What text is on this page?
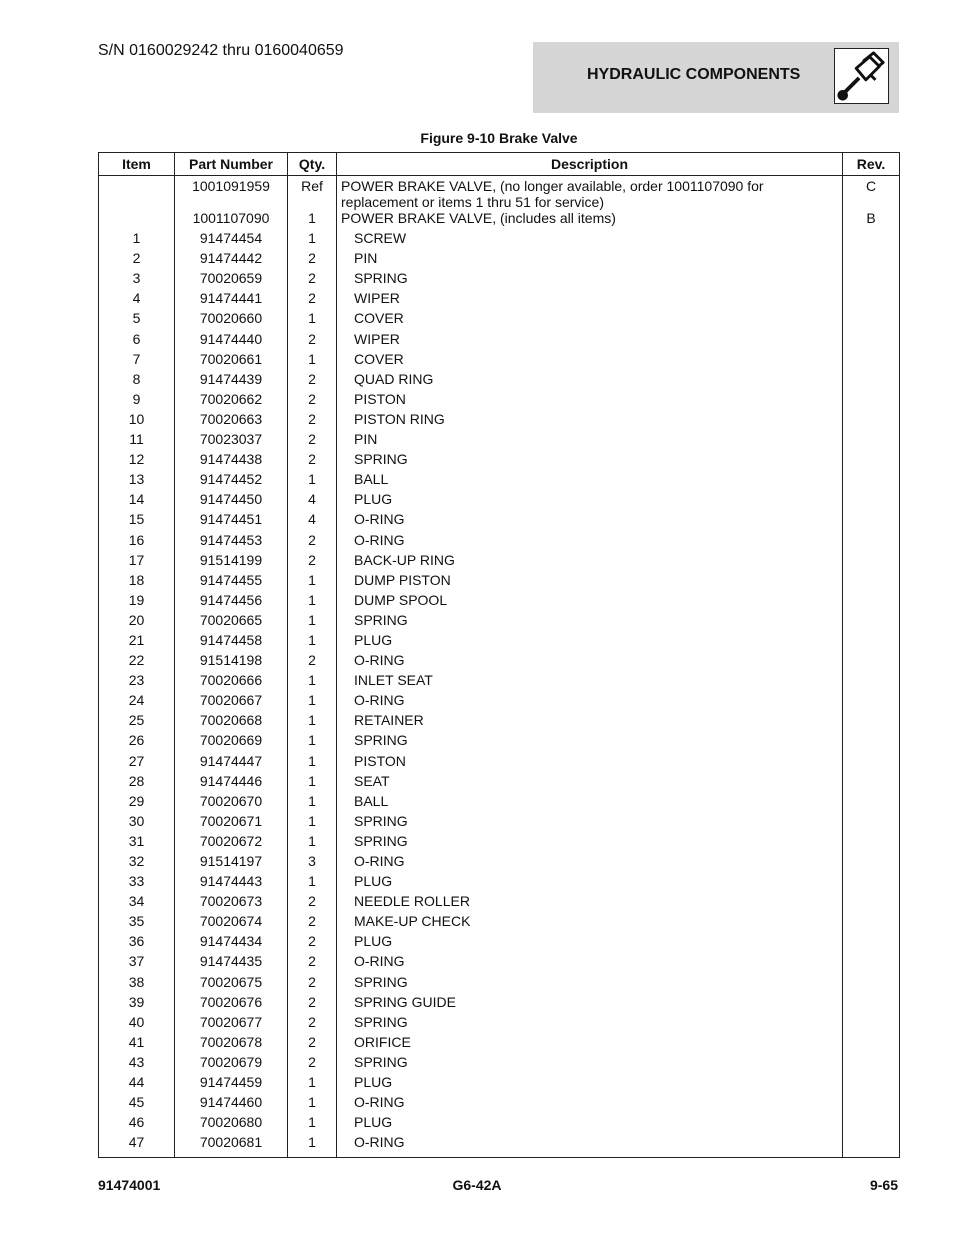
S/N 0160029242 thru 0160040659
HYDRAULIC COMPONENTS
Figure 9-10 Brake Valve
Item	Part Number	Qty.	Description	Rev.
	1001091959	Ref	POWER BRAKE VALVE, (no longer available, order 1001107090 for replacement or items 1 thru 51 for service)	C
	1001107090	1	POWER BRAKE VALVE, (includes all items)	B
1	91474454	1	SCREW	
2	91474442	2	PIN	
3	70020659	2	SPRING	
4	91474441	2	WIPER	
5	70020660	1	COVER	
6	91474440	2	WIPER	
7	70020661	1	COVER	
8	91474439	2	QUAD RING	
9	70020662	2	PISTON	
10	70020663	2	PISTON RING	
11	70023037	2	PIN	
12	91474438	2	SPRING	
13	91474452	1	BALL	
14	91474450	4	PLUG	
15	91474451	4	O-RING	
16	91474453	2	O-RING	
17	91514199	2	BACK-UP RING	
18	91474455	1	DUMP PISTON	
19	91474456	1	DUMP SPOOL	
20	70020665	1	SPRING	
21	91474458	1	PLUG	
22	91514198	2	O-RING	
23	70020666	1	INLET SEAT	
24	70020667	1	O-RING	
25	70020668	1	RETAINER	
26	70020669	1	SPRING	
27	91474447	1	PISTON	
28	91474446	1	SEAT	
29	70020670	1	BALL	
30	70020671	1	SPRING	
31	70020672	1	SPRING	
32	91514197	3	O-RING	
33	91474443	1	PLUG	
34	70020673	2	NEEDLE ROLLER	
35	70020674	2	MAKE-UP CHECK	
36	91474434	2	PLUG	
37	91474435	2	O-RING	
38	70020675	2	SPRING	
39	70020676	2	SPRING GUIDE	
40	70020677	2	SPRING	
41	70020678	2	ORIFICE	
43	70020679	2	SPRING	
44	91474459	1	PLUG	
45	91474460	1	O-RING	
46	70020680	1	PLUG	
47	70020681	1	O-RING	
91474001	G6-42A	9-65
